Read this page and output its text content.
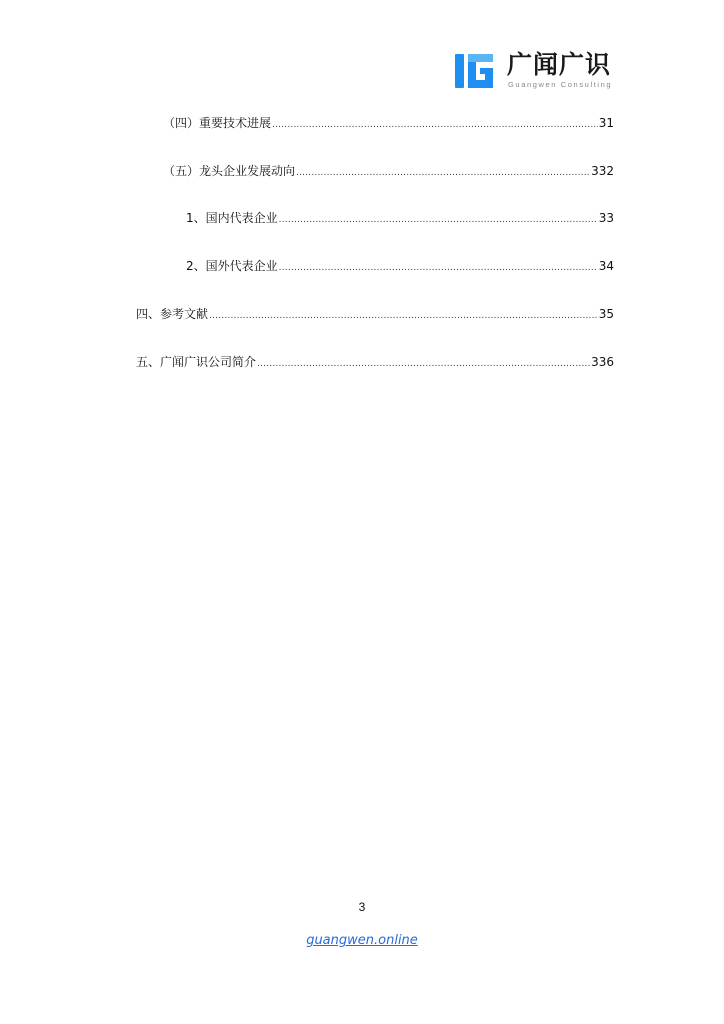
广闻广识
Guangwen Consulting
（四）重要技术进展 .....	31
（五）龙头企业发展动向 .....	332
1、国内代表企业 .....	33
2、国外代表企业 .....	34
四、参考文献 .....	35
五、广闻广识公司简介 .....	336
3
guangwen.online
